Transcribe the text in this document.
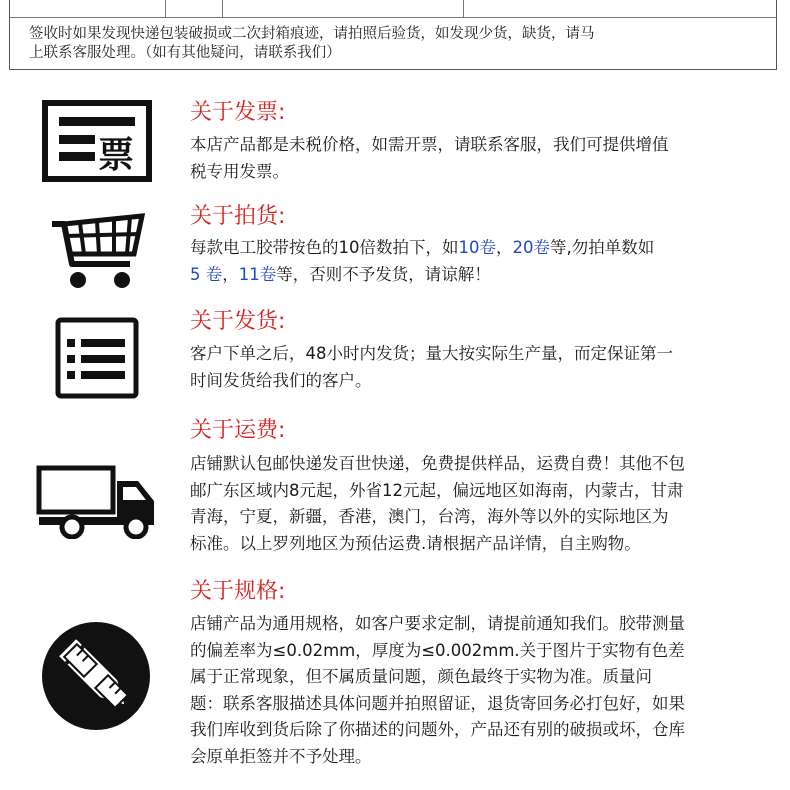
签收时如果发现快递包装破损或二次封箱痕迹，请拍照后验货，如发现少货，缺货，请马
上联系客服处理。（如有其他疑问，请联系我们）
票
关于发票:
本店产品都是未税价格，如需开票，请联系客服，我们可提供增值
税专用发票。
关于拍货:
每款电工胶带按色的10倍数拍下，如10卷，20卷等,勿拍单数如
5 卷，11卷等，否则不予发货，请谅解！
关于发货:
客户下单之后，48小时内发货；量大按实际生产量，而定保证第一
时间发货给我们的客户。
关于运费:
店铺默认包邮快递发百世快递，免费提供样品，运费自费！其他不包
邮广东区域内8元起，外省12元起，偏远地区如海南，内蒙古，甘肃
青海，宁夏，新疆，香港，澳门，台湾，海外等以外的实际地区为
标准。以上罗列地区为预估运费.请根据产品详情，自主购物。
关于规格:
店铺产品为通用规格，如客户要求定制，请提前通知我们。胶带测量
的偏差率为≤0.02mm，厚度为≤0.002mm.关于图片于实物有色差
属于正常现象，但不属质量问题，颜色最终于实物为准。质量问
题：联系客服描述具体问题并拍照留证，退货寄回务必打包好，如果
我们库收到货后除了你描述的问题外，产品还有别的破损或坏，仓库
会原单拒签并不予处理。
